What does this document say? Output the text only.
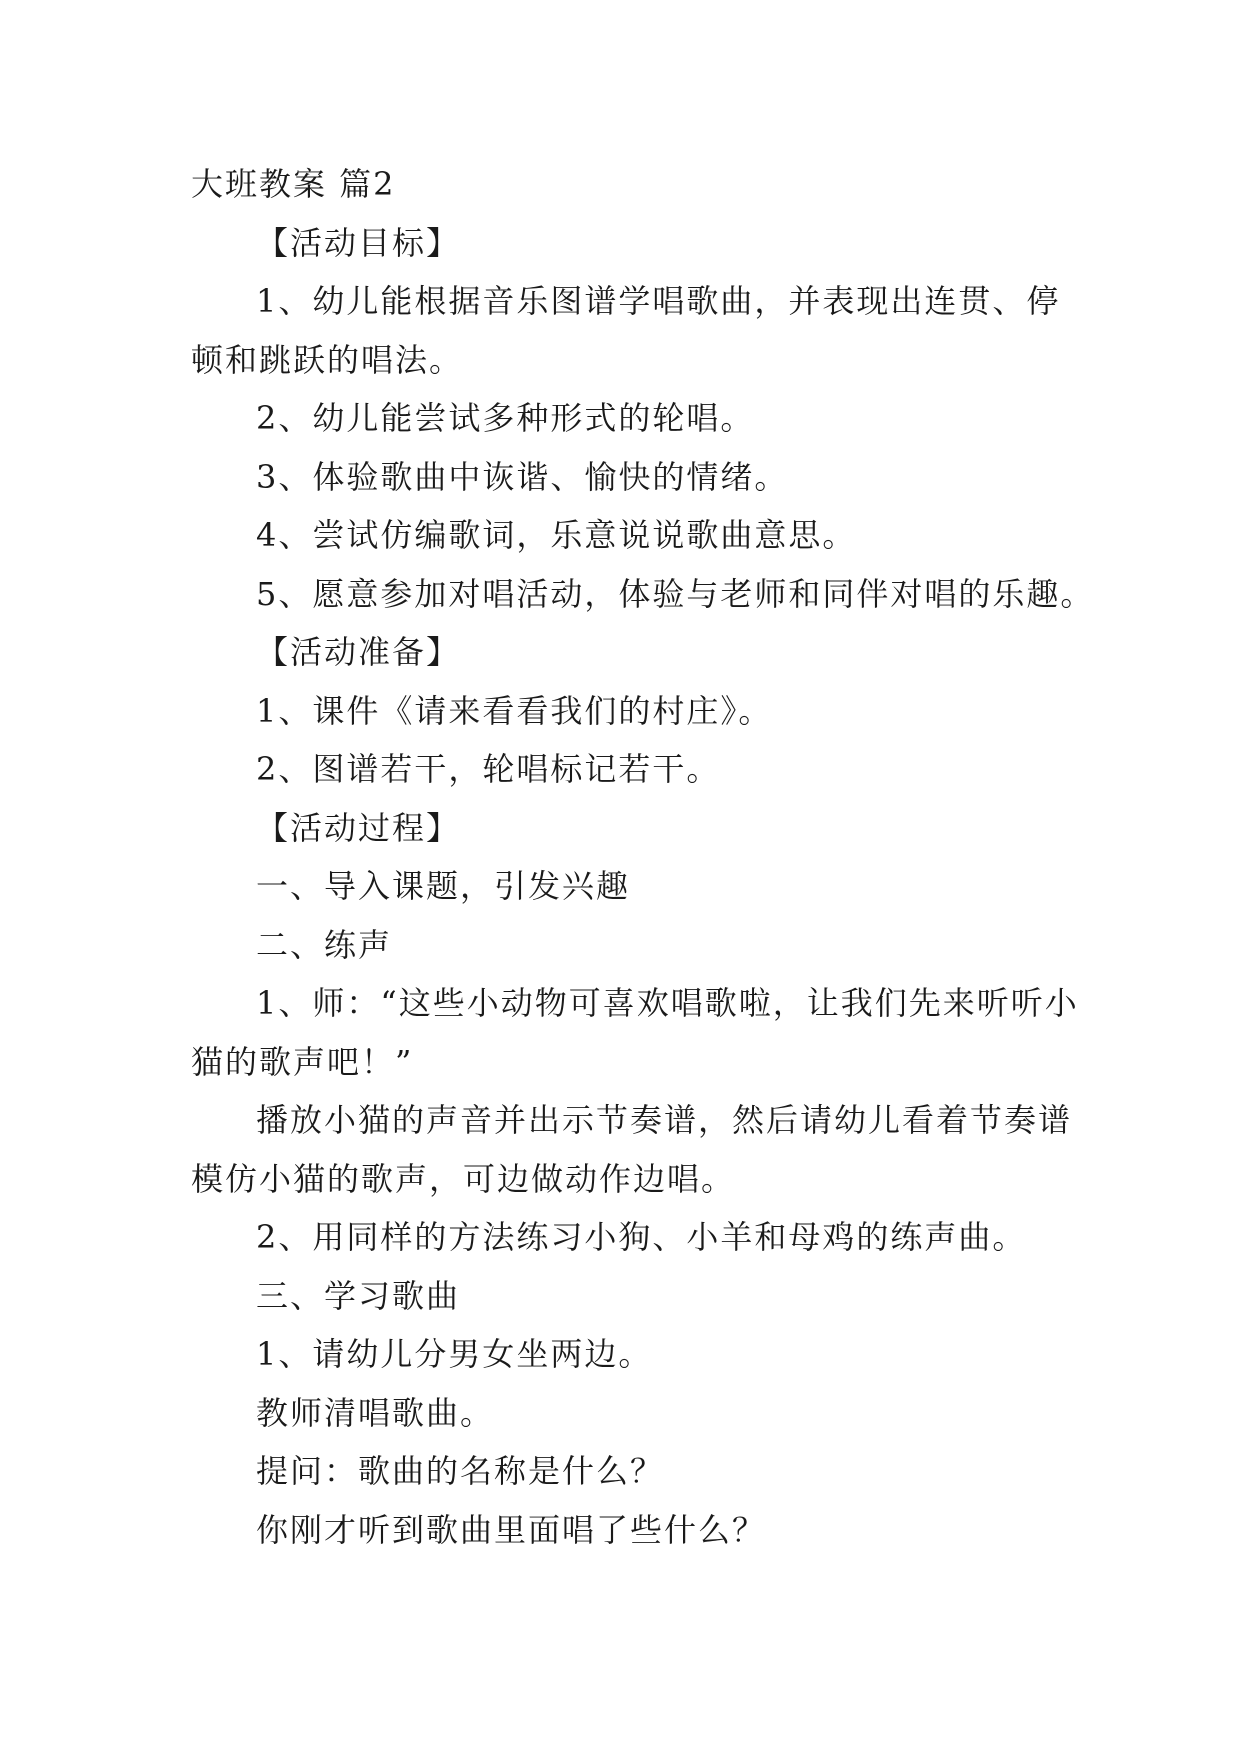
大班教案 篇2
【活动目标】
1、幼儿能根据音乐图谱学唱歌曲，并表现出连贯、停
顿和跳跃的唱法。
2、幼儿能尝试多种形式的轮唱。
3、体验歌曲中诙谐、愉快的情绪。
4、尝试仿编歌词，乐意说说歌曲意思。
5、愿意参加对唱活动，体验与老师和同伴对唱的乐趣。
【活动准备】
1、课件《请来看看我们的村庄》。
2、图谱若干，轮唱标记若干。
【活动过程】
一、导入课题，引发兴趣
二、练声
1、师：“这些小动物可喜欢唱歌啦，让我们先来听听小
猫的歌声吧！”
播放小猫的声音并出示节奏谱，然后请幼儿看着节奏谱
模仿小猫的歌声，可边做动作边唱。
2、用同样的方法练习小狗、小羊和母鸡的练声曲。
三、学习歌曲
1、请幼儿分男女坐两边。
教师清唱歌曲。
提问：歌曲的名称是什么？
你刚才听到歌曲里面唱了些什么？
